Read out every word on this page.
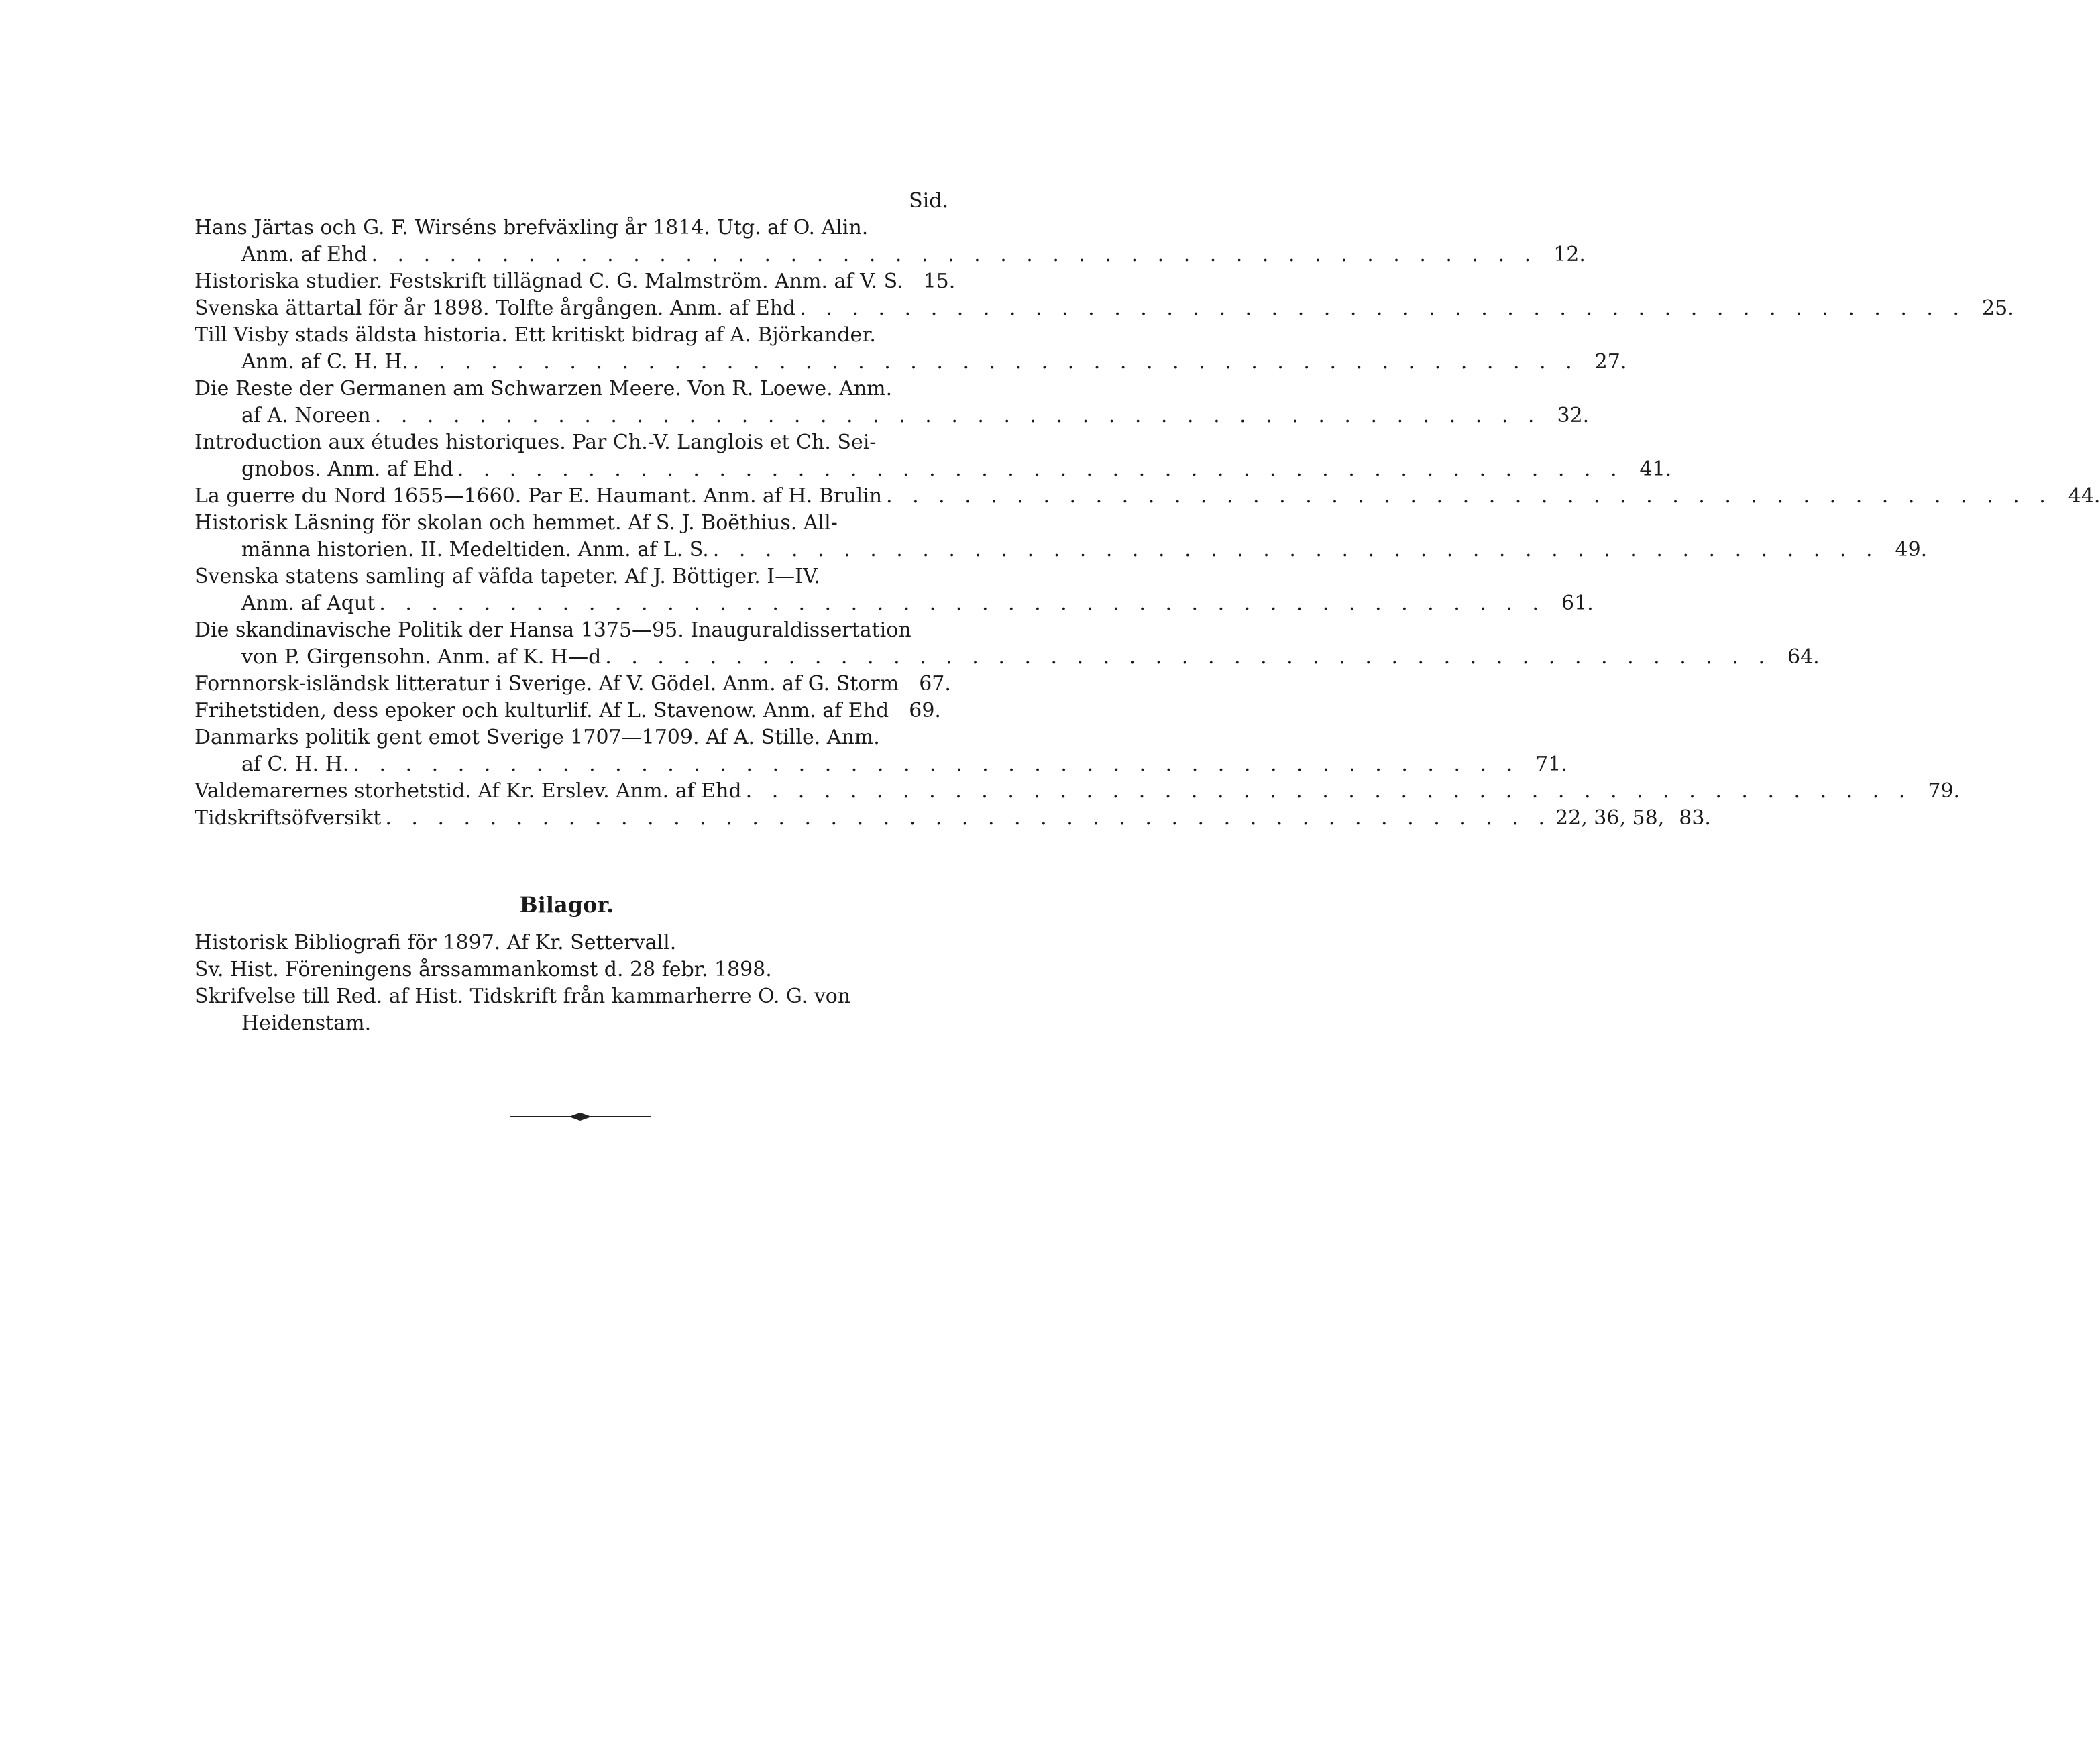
Sid.
Hans Järtas och G. F. Wirséns brefväxling år 1814. Utg. af O. Alin.
Anm. af Ehd . . . . . . . . . . . . . . . . . . . . . . . . . . . . . . . . . . . . . . . . . . . . . 12.
Historiska studier. Festskrift tillägnad C. G. Malmström. Anm. af V. S.	15.
Svenska ättartal för år 1898. Tolfte årgången. Anm. af Ehd . . . . . . . . . . . . . . . . . . . . . . . . . . . . . . . . . . . . . . . . . . . . . 25.
Till Visby stads äldsta historia. Ett kritiskt bidrag af A. Björkander.
Anm. af C. H. H. . . . . . . . . . . . . . . . . . . . . . . . . . . . . . . . . . . . . . . . . . . . . . 27.
Die Reste der Germanen am Schwarzen Meere. Von R. Loewe. Anm.
af A. Noreen . . . . . . . . . . . . . . . . . . . . . . . . . . . . . . . . . . . . . . . . . . . . . 32.
Introduction aux études historiques. Par Ch.-V. Langlois et Ch. Sei-
gnobos. Anm. af Ehd . . . . . . . . . . . . . . . . . . . . . . . . . . . . . . . . . . . . . . . . . . . . . 41.
La guerre du Nord 1655—1660. Par E. Haumant. Anm. af H. Brulin . . . . . . . . . . . . . . . . . . . . . . . . . . . . . . . . . . . . . . . . . . . . . 44.
Historisk Läsning för skolan och hemmet. Af S. J. Boëthius. All-
männa historien. II. Medeltiden. Anm. af L. S. . . . . . . . . . . . . . . . . . . . . . . . . . . . . . . . . . . . . . . . . . . . . . 49.
Svenska statens samling af väfda tapeter. Af J. Böttiger. I—IV.
Anm. af Aqut . . . . . . . . . . . . . . . . . . . . . . . . . . . . . . . . . . . . . . . . . . . . . 61.
Die skandinavische Politik der Hansa 1375—95. Inauguraldissertation
von P. Girgensohn. Anm. af K. H—d . . . . . . . . . . . . . . . . . . . . . . . . . . . . . . . . . . . . . . . . . . . . . 64.
Fornnorsk-isländsk litteratur i Sverige. Af V. Gödel. Anm. af G. Storm	67.
Frihetstiden, dess epoker och kulturlif. Af L. Stavenow. Anm. af Ehd	69.
Danmarks politik gent emot Sverige 1707—1709. Af A. Stille. Anm.
af C. H. H. . . . . . . . . . . . . . . . . . . . . . . . . . . . . . . . . . . . . . . . . . . . . . 71.
Valdemarernes storhetstid. Af Kr. Erslev. Anm. af Ehd . . . . . . . . . . . . . . . . . . . . . . . . . . . . . . . . . . . . . . . . . . . . . 79.
Tidskriftsöfversikt . . . . . . . . . . . . . . . . . . . . . . . . . . . . . . . . . . . . . . . . . . . . . 22, 36, 58, 83.
Bilagor.
Historisk Bibliografi för 1897. Af Kr. Settervall.
Sv. Hist. Föreningens årssammankomst d. 28 febr. 1898.
Skrifvelse till Red. af Hist. Tidskrift från kammarherre O. G. von
Heidenstam.
